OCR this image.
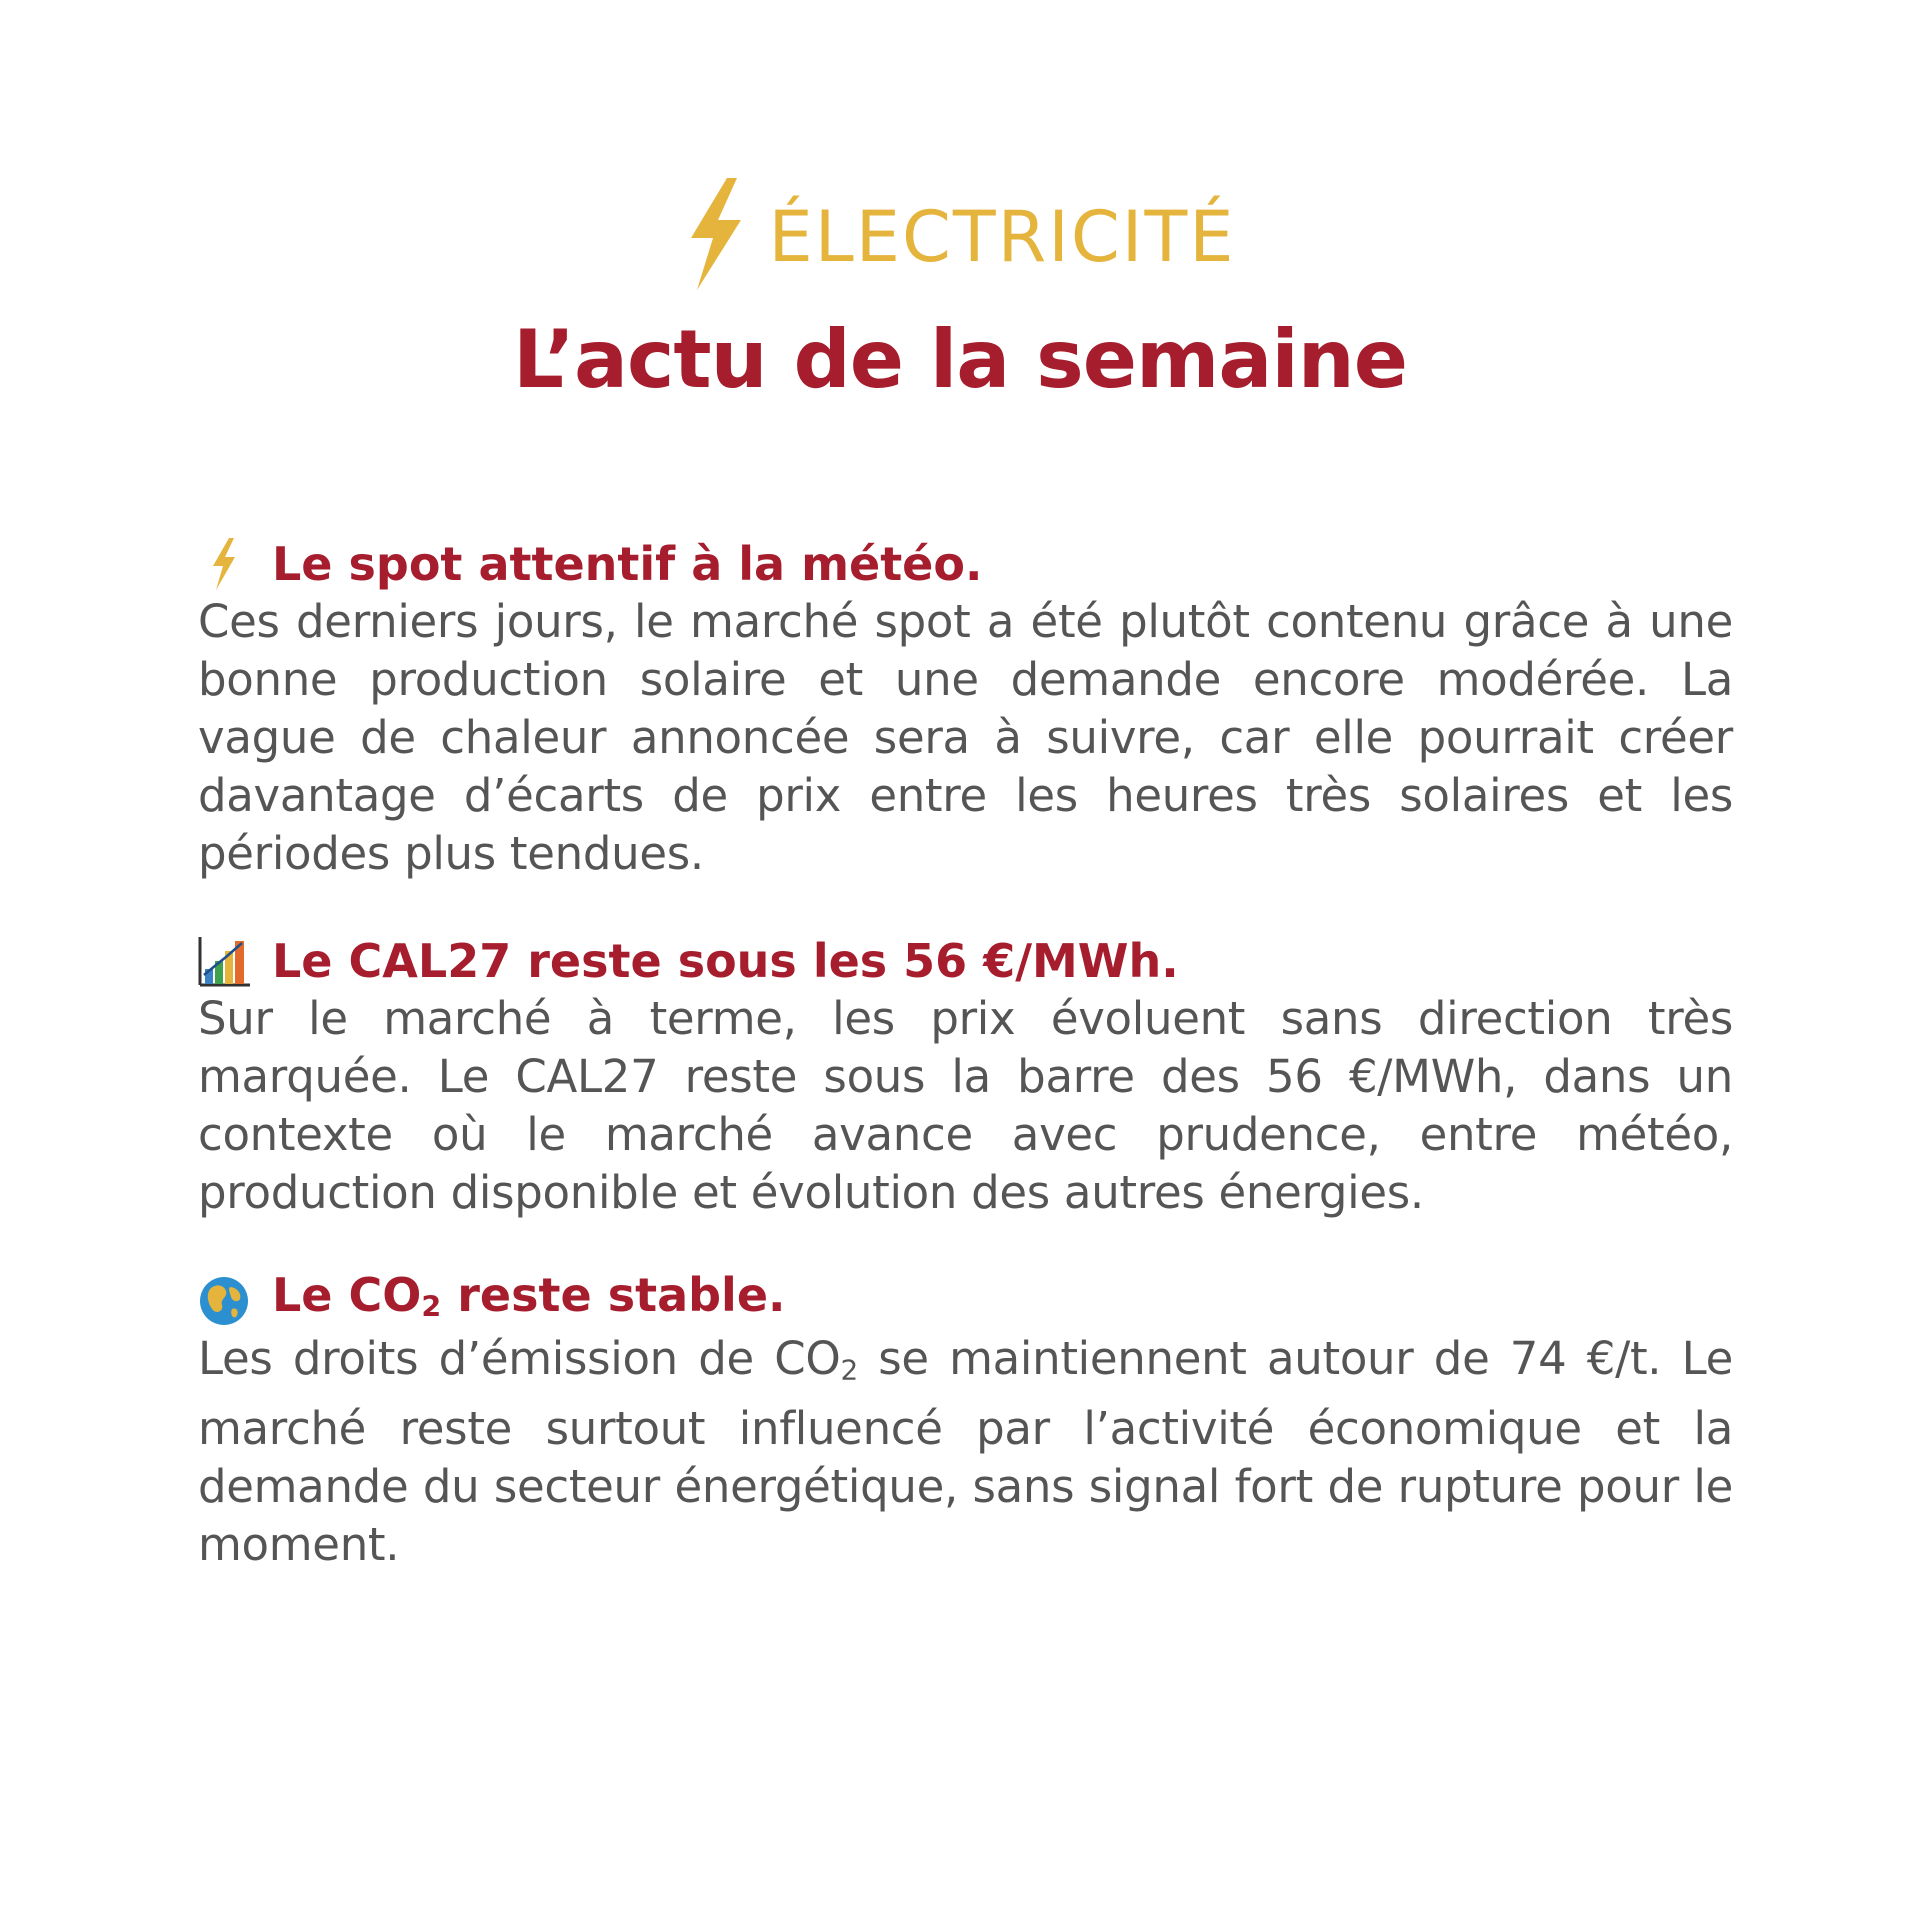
ÉLECTRICITÉ
L’actu de la semaine
Le spot attentif à la météo.

Ces derniers jours, le marché spot a été plutôt contenu grâce à une bonne production solaire et une demande encore modérée. La vague de chaleur annoncée sera à suivre, car elle pourrait créer davantage d’écarts de prix entre les heures très solaires et les périodes plus tendues.

Le CAL27 reste sous les 56 €/MWh.

Sur le marché à terme, les prix évoluent sans direction très marquée. Le CAL27 reste sous la barre des 56 €/MWh, dans un contexte où le marché avance avec prudence, entre météo, production disponible et évolution des autres énergies.

Le CO2 reste stable.

Les droits d’émission de $CO_2$ se maintiennent autour de 74 €/t. Le marché reste surtout influencé par l’activité économique et la demande du secteur énergétique, sans signal fort de rupture pour le moment.
